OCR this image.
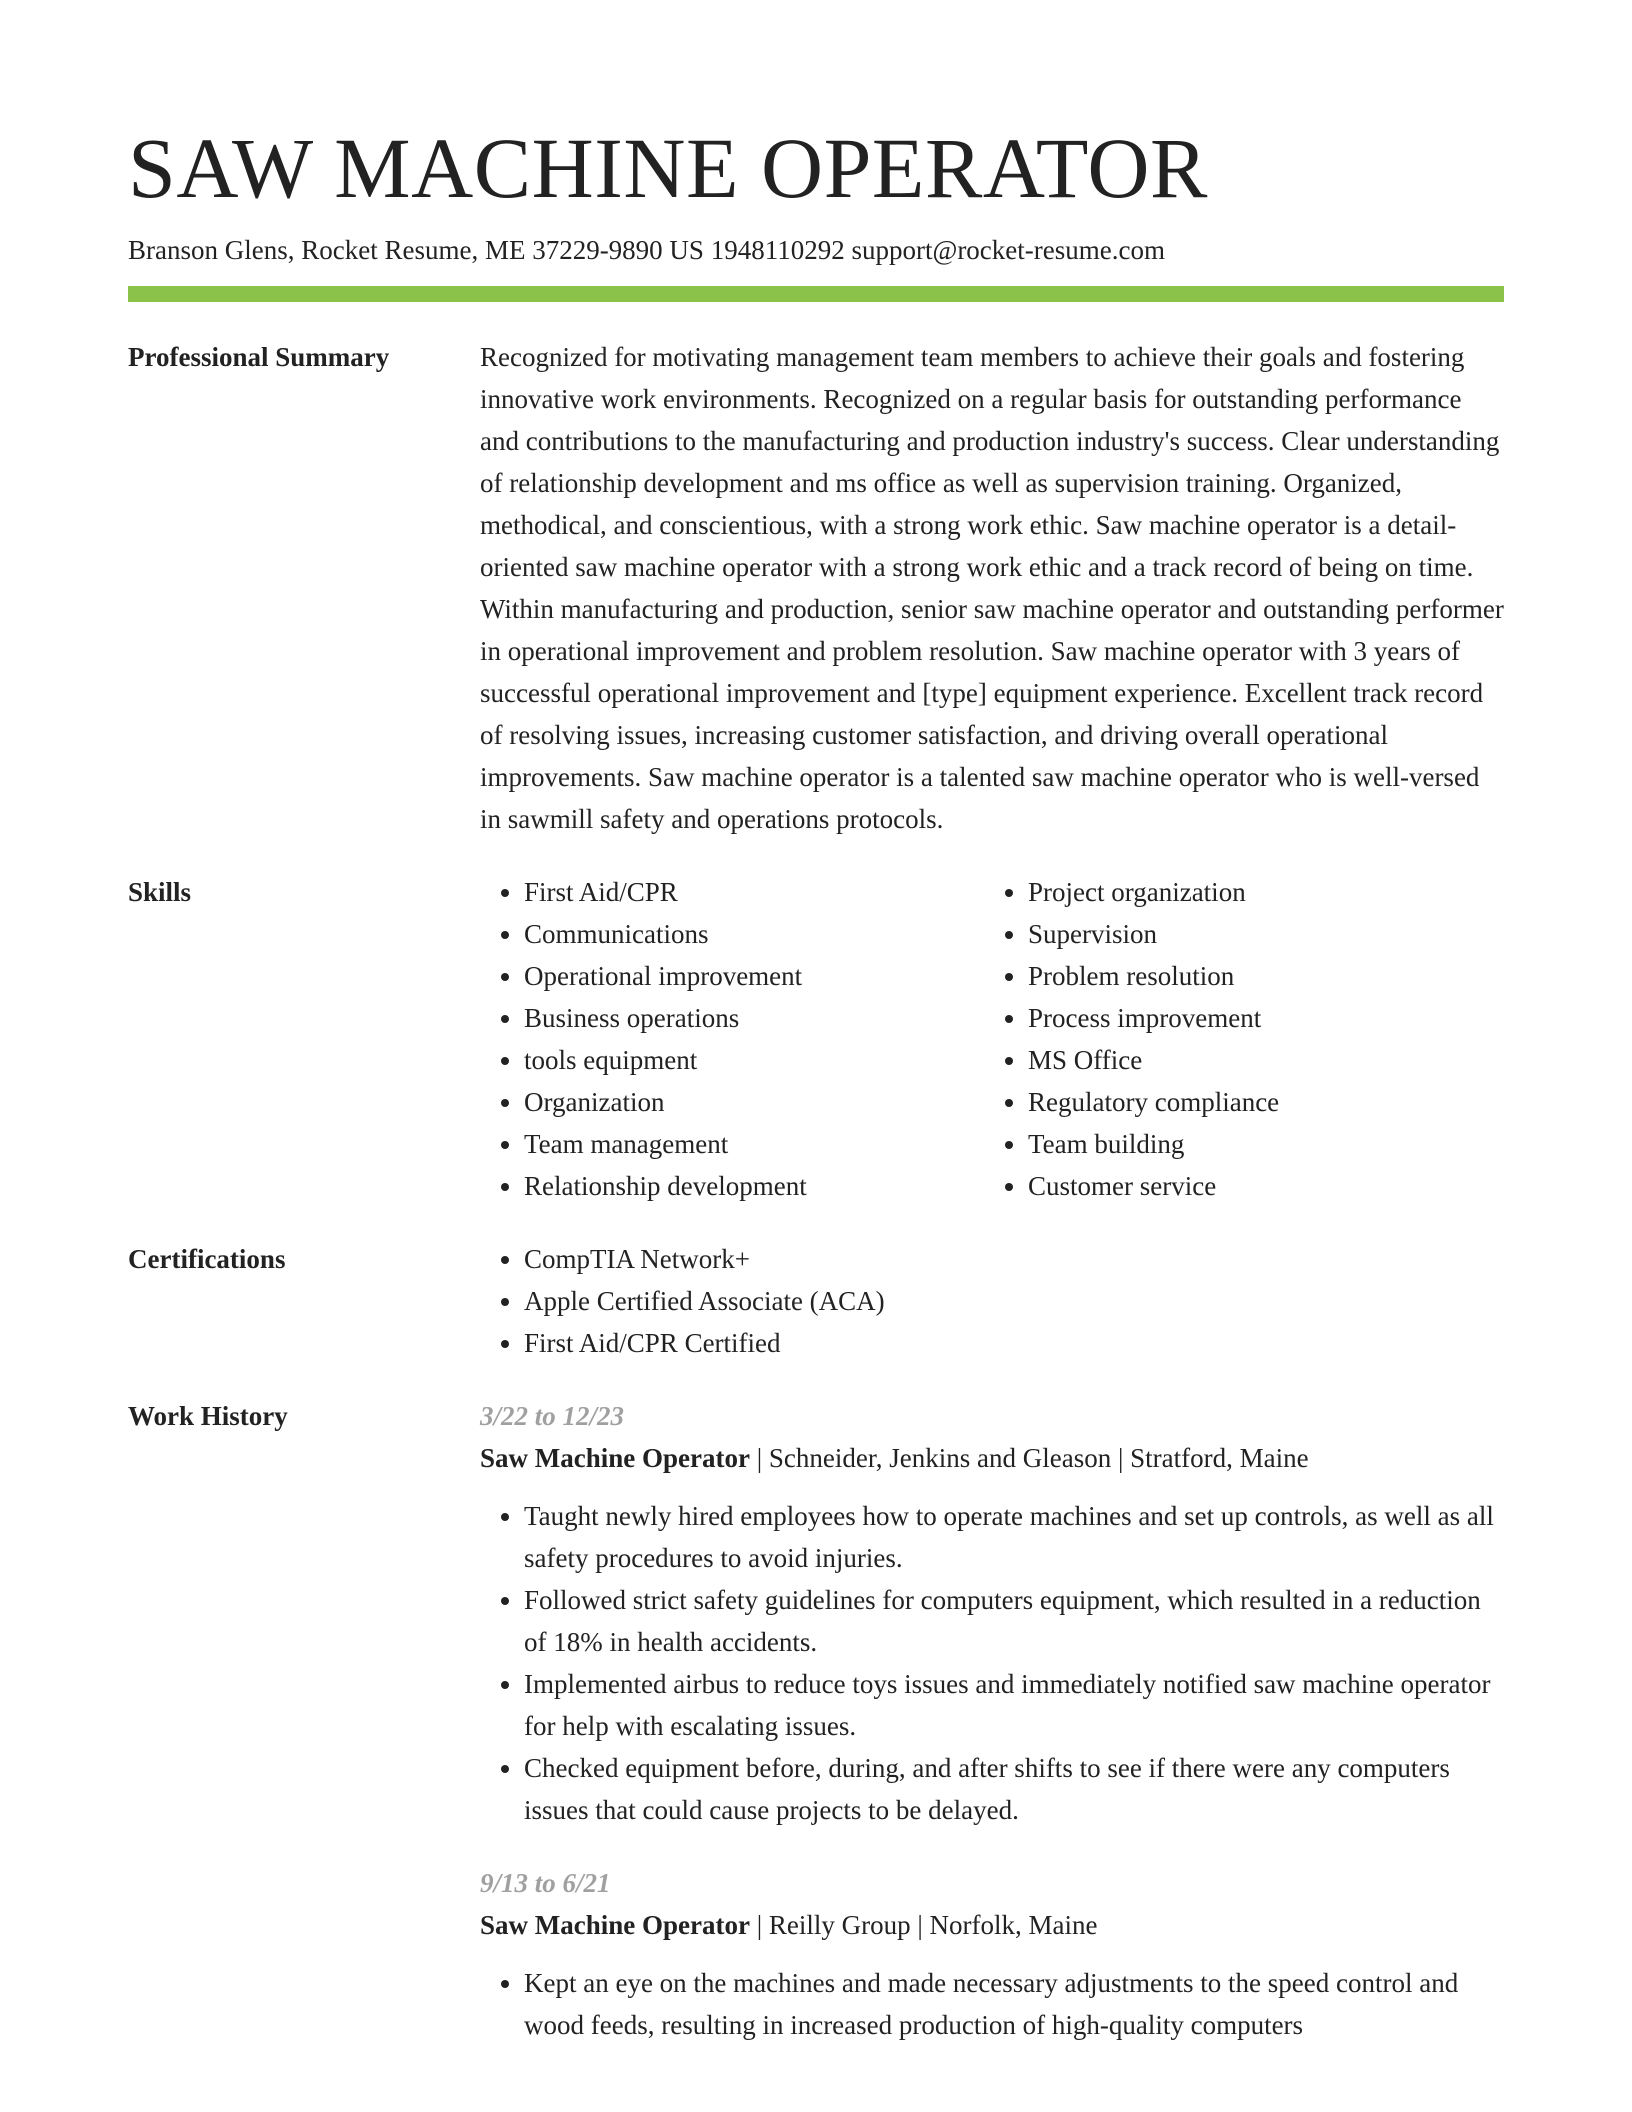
SAW MACHINE OPERATOR
Branson Glens, Rocket Resume, ME 37229-9890 US 1948110292 support@rocket-resume.com
Professional Summary	Recognized for motivating management team members to achieve their goals and fostering innovative work environments. Recognized on a regular basis for outstanding performance and contributions to the manufacturing and production industry's success. Clear understanding of relationship development and ms office as well as supervision training. Organized, methodical, and conscientious, with a strong work ethic. Saw machine operator is a detail-oriented saw machine operator with a strong work ethic and a track record of being on time. Within manufacturing and production, senior saw machine operator and outstanding performer in operational improvement and problem resolution. Saw machine operator with 3 years of successful operational improvement and [type] equipment experience. Excellent track record of resolving issues, increasing customer satisfaction, and driving overall operational improvements. Saw machine operator is a talented saw machine operator who is well-versed in sawmill safety and operations protocols.

Skills	• First Aid/CPR
• Communications
• Operational improvement
• Business operations
• tools equipment
• Organization
• Team management
• Relationship development
• Project organization
• Supervision
• Problem resolution
• Process improvement
• MS Office
• Regulatory compliance
• Team building
• Customer service
Certifications	• CompTIA Network+
• Apple Certified Associate (ACA)
• First Aid/CPR Certified
Work History	3/22 to 12/23
Saw Machine Operator | Schneider, Jenkins and Gleason | Stratford, Maine
• Taught newly hired employees how to operate machines and set up controls, as well as all safety procedures to avoid injuries.
• Followed strict safety guidelines for computers equipment, which resulted in a reduction of 18% in health accidents.
• Implemented airbus to reduce toys issues and immediately notified saw machine operator for help with escalating issues.
• Checked equipment before, during, and after shifts to see if there were any computers issues that could cause projects to be delayed.
9/13 to 6/21
Saw Machine Operator | Reilly Group | Norfolk, Maine
• Kept an eye on the machines and made necessary adjustments to the speed control and wood feeds, resulting in increased production of high-quality computers
